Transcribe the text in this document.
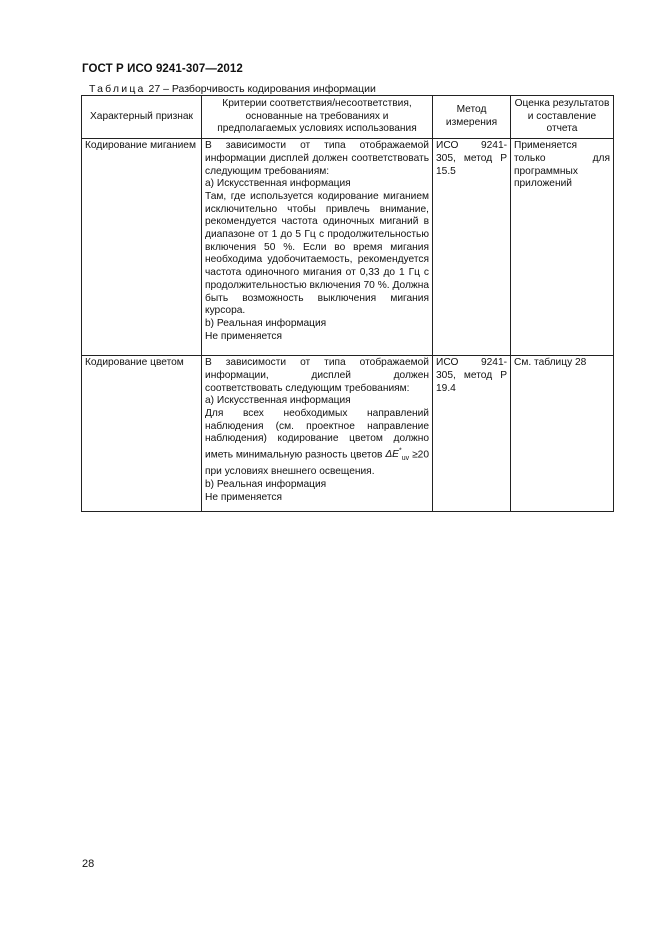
ГОСТ Р ИСО 9241-307—2012
Таблица 27 – Разборчивость кодирования информации
Характерный признак	Критерии соответствия/несоответствия, основанные на требованиях и предполагаемых условиях использования	Метод измерения	Оценка результатов и составление отчета
Кодирование миганием	В зависимости от типа отображаемой информации дисплей должен соответствовать следующим требованиям:

а) Искусственная информация

Там, где используется кодирование миганием исключительно чтобы привлечь внимание, рекомендуется частота одиночных миганий в диапазоне от 1 до 5 Гц с продолжительностью включения 50 %. Если во время мигания необходима удобочитаемость, рекомендуется частота одиночного мигания от 0,33 до 1 Гц с продолжительностью включения 70 %. Должна быть возможность выключения мигания курсора.

b) Реальная информация

Не применяется	ИСО 9241-305, метод Р 15.5	Применяется только для программных приложений
Кодирование цветом	В зависимости от типа отображаемой информации, дисплей должен соответствовать следующим требованиям:

а) Искусственная информация

Для всех необходимых направлений наблюдения (см. проектное направление наблюдения) кодирование цветом должно иметь минимальную разность цветов $\Delta E^*_{uv} \ge 20$ при условиях внешнего освещения.

b) Реальная информация

Не применяется	ИСО 9241-305, метод Р 19.4	См. таблицу 28
28
